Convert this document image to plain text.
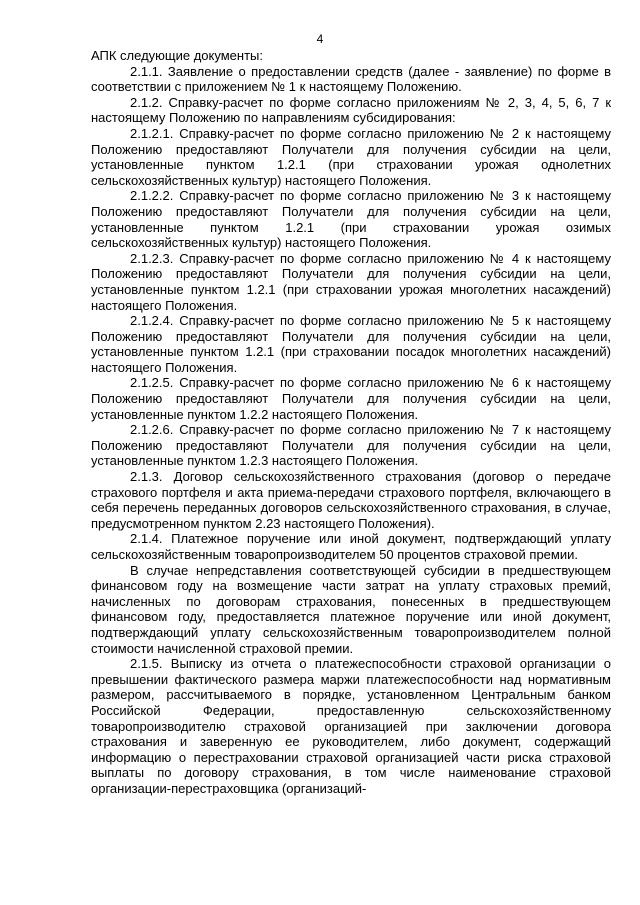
4

АПК следующие документы:

2.1.1. Заявление о предоставлении средств (далее - заявление) по форме в соответствии с приложением № 1 к настоящему Положению.

2.1.2. Справку-расчет по форме согласно приложениям № 2, 3, 4, 5, 6, 7 к настоящему Положению по направлениям субсидирования:

2.1.2.1. Справку-расчет по форме согласно приложению № 2 к настоящему Положению предоставляют Получатели для получения субсидии на цели, установленные пунктом 1.2.1 (при страховании урожая однолетних сельскохозяйственных культур) настоящего Положения.

2.1.2.2. Справку-расчет по форме согласно приложению № 3 к настоящему Положению предоставляют Получатели для получения субсидии на цели, установленные пунктом 1.2.1 (при страховании урожая озимых сельскохозяйственных культур) настоящего Положения.

2.1.2.3. Справку-расчет по форме согласно приложению № 4 к настоящему Положению предоставляют Получатели для получения субсидии на цели, установленные пунктом 1.2.1 (при страховании урожая многолетних насаждений) настоящего Положения.

2.1.2.4. Справку-расчет по форме согласно приложению № 5 к настоящему Положению предоставляют Получатели для получения субсидии на цели, установленные пунктом 1.2.1 (при страховании посадок многолетних насаждений) настоящего Положения.

2.1.2.5. Справку-расчет по форме согласно приложению № 6 к настоящему Положению предоставляют Получатели для получения субсидии на цели, установленные пунктом 1.2.2 настоящего Положения.

2.1.2.6. Справку-расчет по форме согласно приложению № 7 к настоящему Положению предоставляют Получатели для получения субсидии на цели, установленные пунктом 1.2.3 настоящего Положения.

2.1.3. Договор сельскохозяйственного страхования (договор о передаче страхового портфеля и акта приема-передачи страхового портфеля, включающего в себя перечень переданных договоров сельскохозяйственного страхования, в случае, предусмотренном пунктом 2.23 настоящего Положения).

2.1.4. Платежное поручение или иной документ, подтверждающий уплату сельскохозяйственным товаропроизводителем 50 процентов страховой премии.

В случае непредставления соответствующей субсидии в предшествующем финансовом году на возмещение части затрат на уплату страховых премий, начисленных по договорам страхования, понесенных в предшествующем финансовом году, предоставляется платежное поручение или иной документ, подтверждающий уплату сельскохозяйственным товаропроизводителем полной стоимости начисленной страховой премии.

2.1.5. Выписку из отчета о платежеспособности страховой организации о превышении фактического размера маржи платежеспособности над нормативным размером, рассчитываемого в порядке, установленном Центральным банком Российской Федерации, предоставленную сельскохозяйственному товаропроизводителю страховой организацией при заключении договора страхования и заверенную ее руководителем, либо документ, содержащий информацию о перестраховании страховой организацией части риска страховой выплаты по договору страхования, в том числе наименование страховой организации-перестраховщика (организаций-
